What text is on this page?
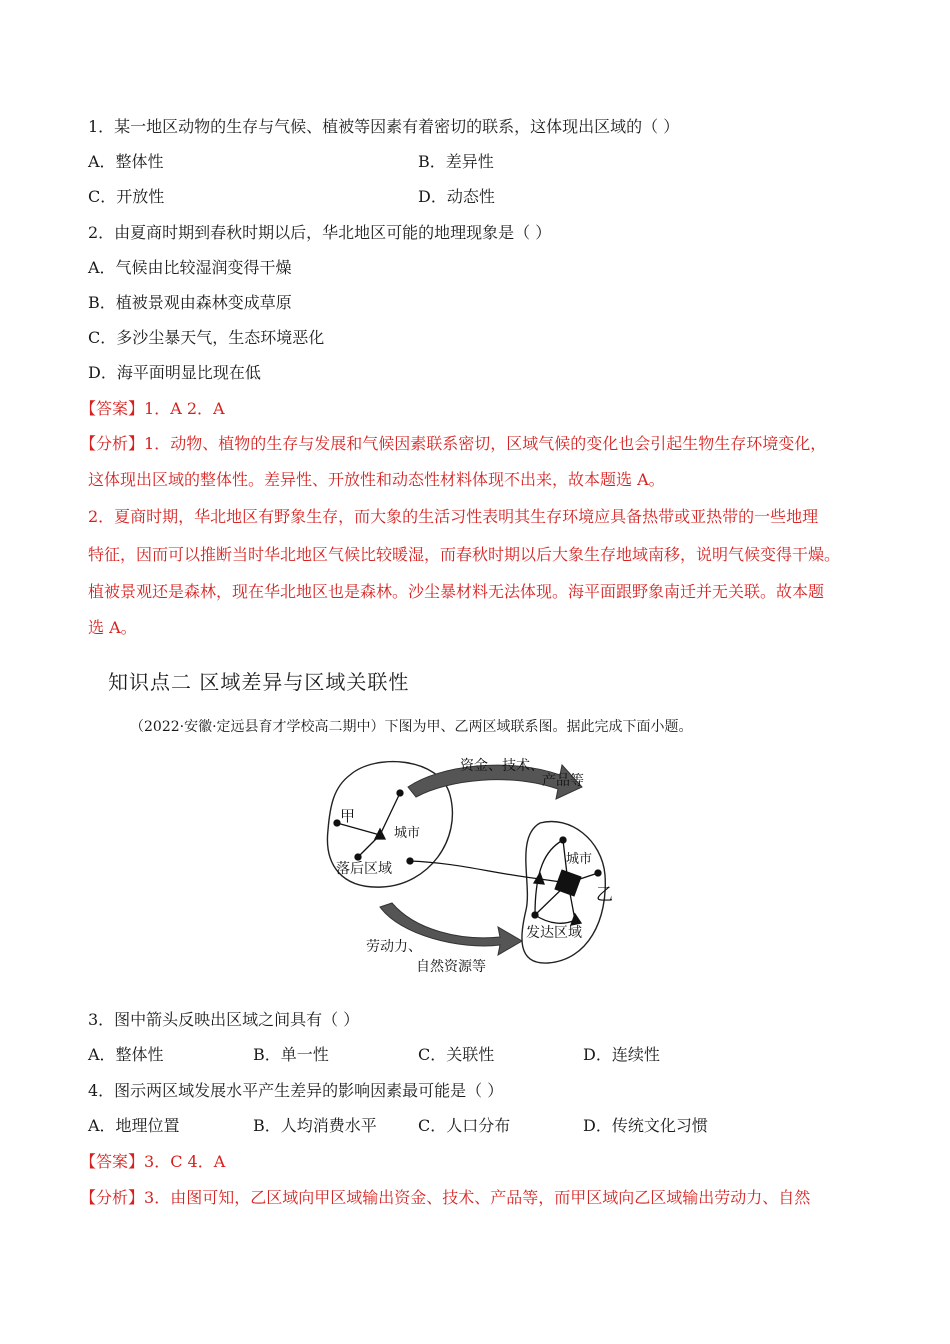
1．某一地区动物的生存与气候、植被等因素有着密切的联系，这体现出区域的（ ）
A．整体性	B．差异性
C．开放性	D．动态性
2．由夏商时期到春秋时期以后，华北地区可能的地理现象是（ ）
A．气候由比较湿润变得干燥
B．植被景观由森林变成草原
C．多沙尘暴天气，生态环境恶化
D．海平面明显比现在低
【答案】1．A 2．A
【分析】1．动物、植物的生存与发展和气候因素联系密切，区域气候的变化也会引起生物生存环境变化，
这体现出区域的整体性。差异性、开放性和动态性材料体现不出来，故本题选 A。
2．夏商时期，华北地区有野象生存，而大象的生活习性表明其生存环境应具备热带或亚热带的一些地理
特征，因而可以推断当时华北地区气候比较暖湿，而春秋时期以后大象生存地域南移，说明气候变得干燥。
植被景观还是森林，现在华北地区也是森林。沙尘暴材料无法体现。海平面跟野象南迁并无关联。故本题
选 A。
知识点二 区域差异与区域关联性
（2022·安徽·定远县育才学校高二期中）下图为甲、乙两区域联系图。据此完成下面小题。
甲
城市
落后区域
城市
乙
发达区域
资金、技术、
产品等
劳动力、
自然资源等
3．图中箭头反映出区域之间具有（ ）
A．整体性	B．单一性	C．关联性	D．连续性
4．图示两区域发展水平产生差异的影响因素最可能是（ ）
A．地理位置	B．人均消费水平	C．人口分布	D．传统文化习惯
【答案】3．C 4．A
【分析】3．由图可知，乙区域向甲区域输出资金、技术、产品等，而甲区域向乙区域输出劳动力、自然
